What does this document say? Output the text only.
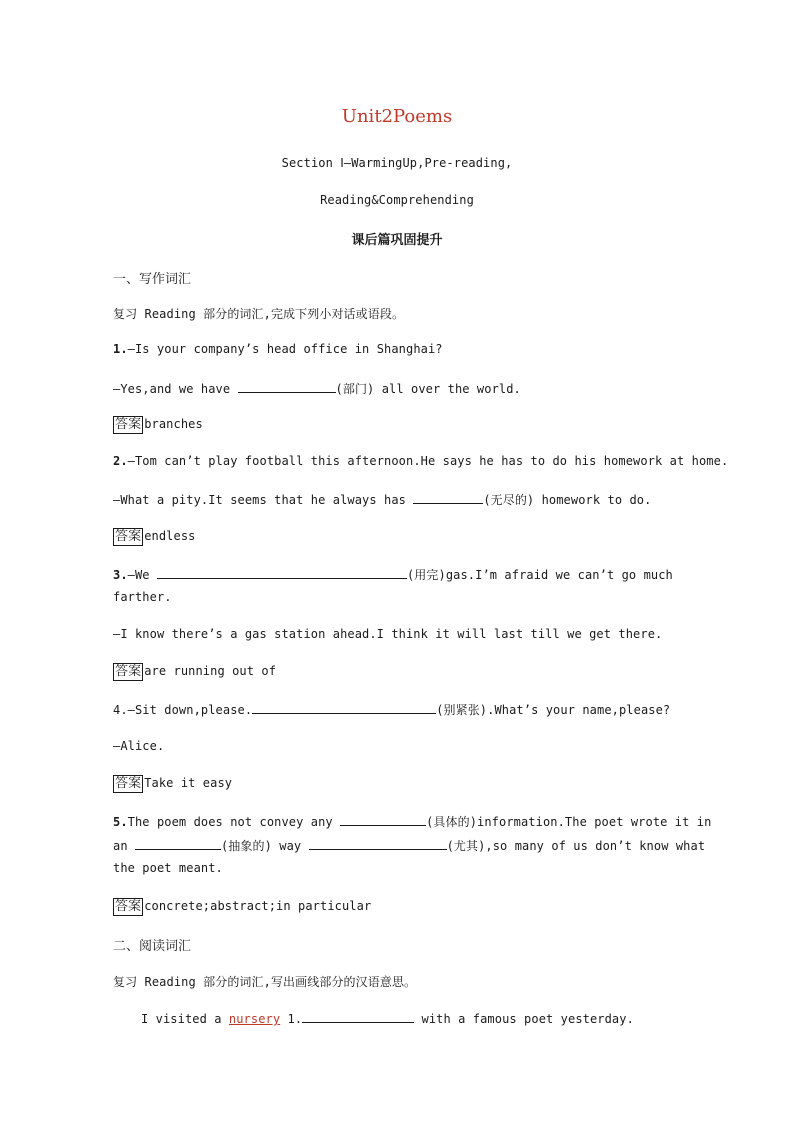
Unit2Poems
Section Ⅰ—WarmingUp,Pre-reading,
Reading&Comprehending
课后篇巩固提升
一、写作词汇
复习 Reading 部分的词汇,完成下列小对话或语段。
1.—Is your company’s head office in Shanghai?
—Yes,and we have	(部门) all over the world.
答案 branches
2.—Tom can’t play football this afternoon.He says he has to do his homework at home.
—What a pity.It seems that he always has	(无尽的) homework to do.
答案 endless
3.—We	(用完)gas.I’m afraid we can’t go much
farther.
—I know there’s a gas station ahead.I think it will last till we get there.
答案 are running out of
4.—Sit down,please.	(别紧张).What’s your name,please?
—Alice.
答案 Take it easy
5.The poem does not convey any	(具体的)information.The poet wrote it in
an	(抽象的) way	(尤其),so many of us don’t know what
the poet meant.
答案 concrete;abstract;in particular
二、阅读词汇
复习 Reading 部分的词汇,写出画线部分的汉语意思。
I visited a nursery 1.	with a famous poet yesterday.
